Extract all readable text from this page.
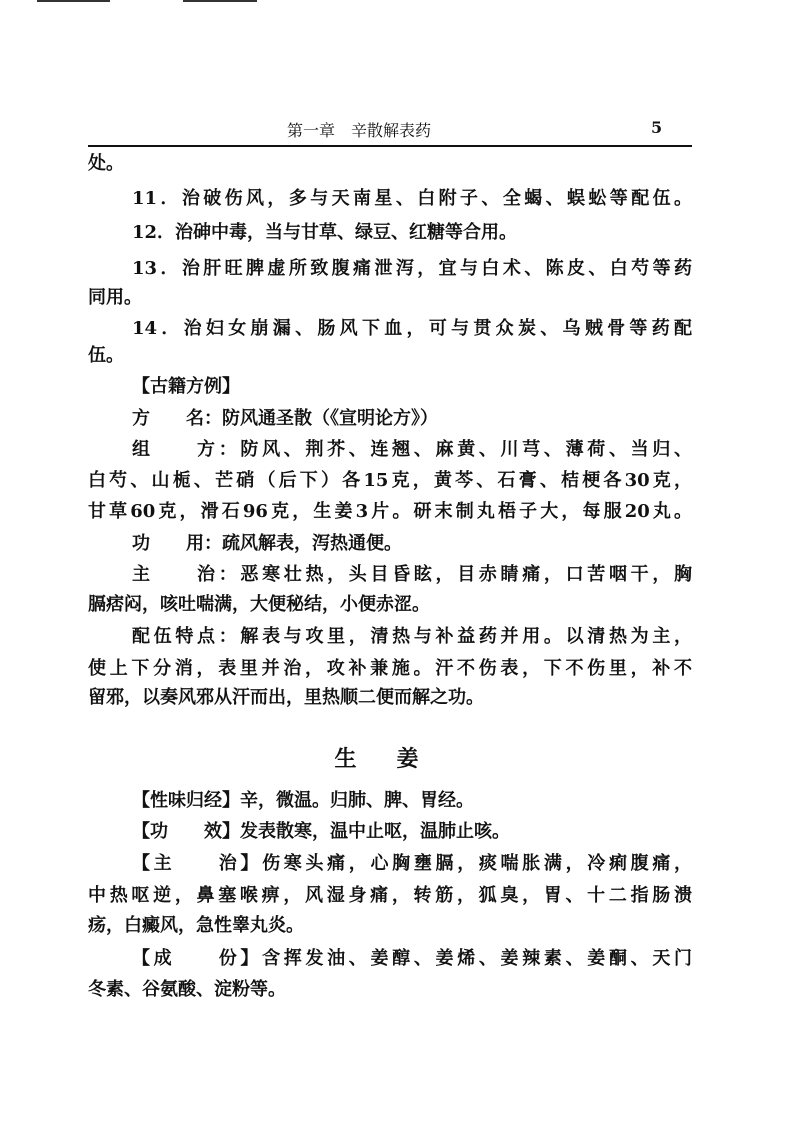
第一章　辛散解表药	5
处。
11．治破伤风，多与天南星、白附子、全蝎、蜈蚣等配伍。
12．治砷中毒，当与甘草、绿豆、红糖等合用。
13．治肝旺脾虚所致腹痛泄泻，宜与白术、陈皮、白芍等药
同用。
14．治妇女崩漏、肠风下血，可与贯众炭、乌贼骨等药配
伍。
【古籍方例】
方　　名：防风通圣散（《宣明论方》）
组　　方：防风、荆芥、连翘、麻黄、川芎、薄荷、当归、
白芍、山栀、芒硝（后下）各15克，黄芩、石膏、桔梗各30克，
甘草60克，滑石96克，生姜3片。研末制丸梧子大，每服20丸。
功　　用：疏风解表，泻热通便。
主　　治：恶寒壮热，头目昏眩，目赤睛痛，口苦咽干，胸
膈痞闷，咳吐喘满，大便秘结，小便赤涩。
配伍特点：解表与攻里，清热与补益药并用。以清热为主，
使上下分消，表里并治，攻补兼施。汗不伤表，下不伤里，补不
留邪，以奏风邪从汗而出，里热顺二便而解之功。
生姜
【性味归经】辛，微温。归肺、脾、胃经。
【功　　效】发表散寒，温中止呕，温肺止咳。
【主　　治】伤寒头痛，心胸壅膈，痰喘胀满，冷痢腹痛，
中热呕逆，鼻塞喉痹，风湿身痛，转筋，狐臭，胃、十二指肠溃
疡，白癜风，急性睾丸炎。
【成　　份】含挥发油、姜醇、姜烯、姜辣素、姜酮、天门
冬素、谷氨酸、淀粉等。
